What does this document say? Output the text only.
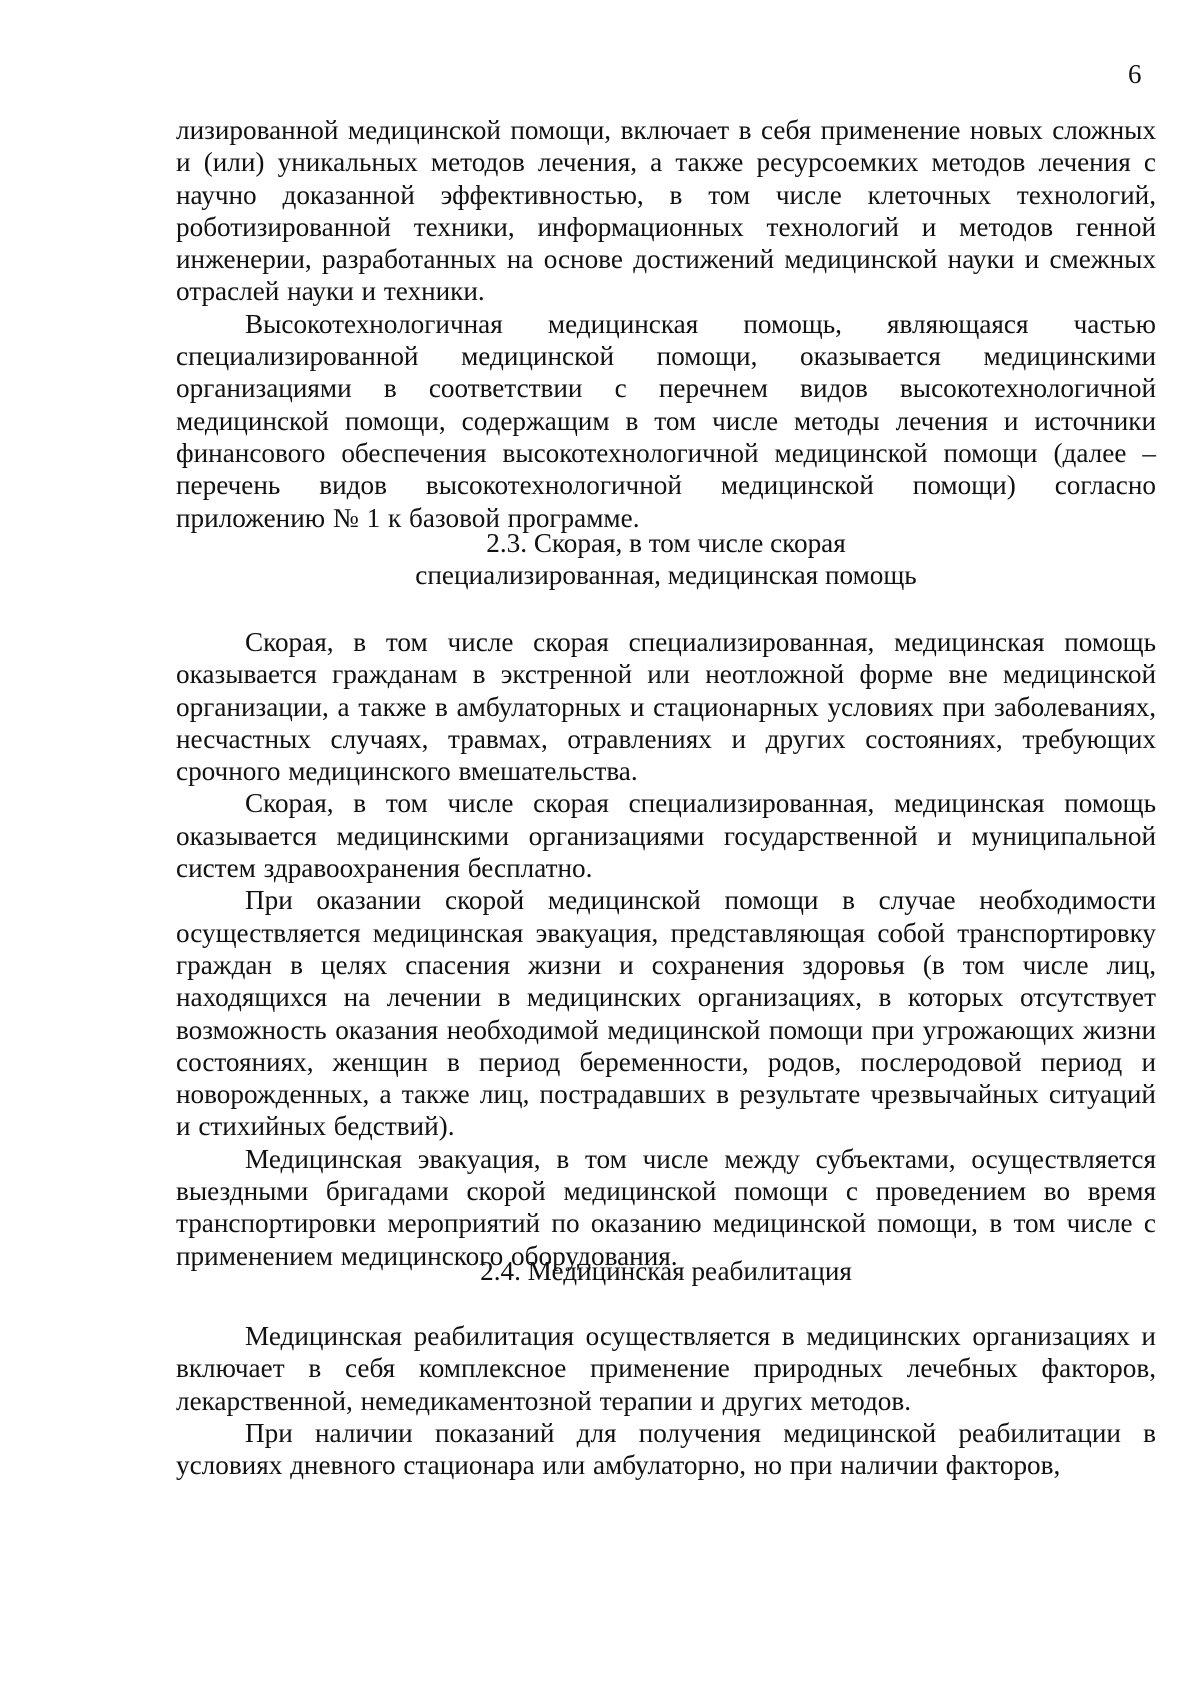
6

лизированной медицинской помощи, включает в себя применение новых сложных и (или) уникальных методов лечения, а также ресурсоемких методов лечения с научно доказанной эффективностью, в том числе клеточных технологий, роботизированной техники, информационных технологий и методов генной инженерии, разработанных на основе достижений медицинской науки и смежных отраслей науки и техники.

Высокотехнологичная медицинская помощь, являющаяся частью специализированной медицинской помощи, оказывается медицинскими организациями в соответствии с перечнем видов высокотехнологичной медицинской помощи, содержащим в том числе методы лечения и источники финансового обеспечения высокотехнологичной медицинской помощи (далее – перечень видов высокотехнологичной медицинской помощи) согласно приложению № 1 к базовой программе.

2.3. Скорая, в том числе скорая
специализированная, медицинская помощь

Скорая, в том числе скорая специализированная, медицинская помощь оказывается гражданам в экстренной или неотложной форме вне медицинской организации, а также в амбулаторных и стационарных условиях при заболеваниях, несчастных случаях, травмах, отравлениях и других состояниях, требующих срочного медицинского вмешательства.

Скорая, в том числе скорая специализированная, медицинская помощь оказывается медицинскими организациями государственной и муниципальной систем здравоохранения бесплатно.

При оказании скорой медицинской помощи в случае необходимости осуществляется медицинская эвакуация, представляющая собой транспортировку граждан в целях спасения жизни и сохранения здоровья (в том числе лиц, находящихся на лечении в медицинских организациях, в которых отсутствует возможность оказания необходимой медицинской помощи при угрожающих жизни состояниях, женщин в период беременности, родов, послеродовой период и новорожденных, а также лиц, пострадавших в результате чрезвычайных ситуаций и стихийных бедствий).

Медицинская эвакуация, в том числе между субъектами, осуществляется выездными бригадами скорой медицинской помощи с проведением во время транспортировки мероприятий по оказанию медицинской помощи, в том числе с применением медицинского оборудования.

2.4. Медицинская реабилитация

Медицинская реабилитация осуществляется в медицинских организациях и включает в себя комплексное применение природных лечебных факторов, лекарственной, немедикаментозной терапии и других методов.

При наличии показаний для получения медицинской реабилитации в условиях дневного стационара или амбулаторно, но при наличии факторов,
